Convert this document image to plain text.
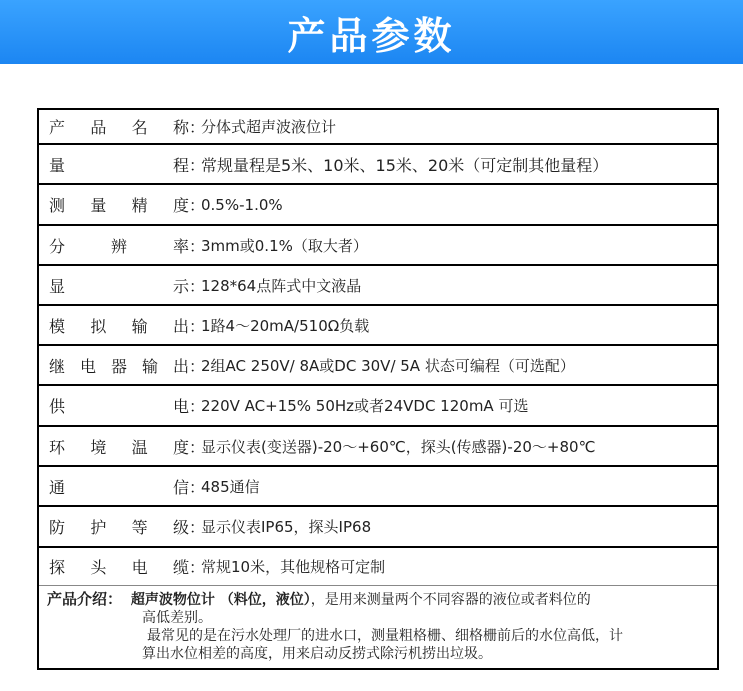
产品参数
产品名称 ：
分体式超声波液位计
量程 ：
常规量程是5米、10米、15米、20米（可定制其他量程）
测量精度 ：
0.5%-1.0%
分辨率 ：
3mm或0.1%（取大者）
显示 ：
128*64点阵式中文液晶
模拟输出 ：
1路4～20mA/510Ω负载
继电器输出 ：
2组AC 250V/ 8A或DC 30V/ 5A 状态可编程（可选配）
供电 ：
220V AC+15% 50Hz或者24VDC 120mA 可选
环境温度 ：
显示仪表(变送器)-20～+60℃，探头(传感器)-20～+80℃
通信 ：
485通信
防护等级 ：
显示仪表IP65，探头IP68
探头电缆 ：
常规10米，其他规格可定制
产品介绍： 超声波物位计 （料位，液位），是用来测量两个不同容器的液位或者料位的
高低差别。
最常见的是在污水处理厂的进水口，测量粗格栅、细格栅前后的水位高低，计
算出水位相差的高度，用来启动反捞式除污机捞出垃圾。
